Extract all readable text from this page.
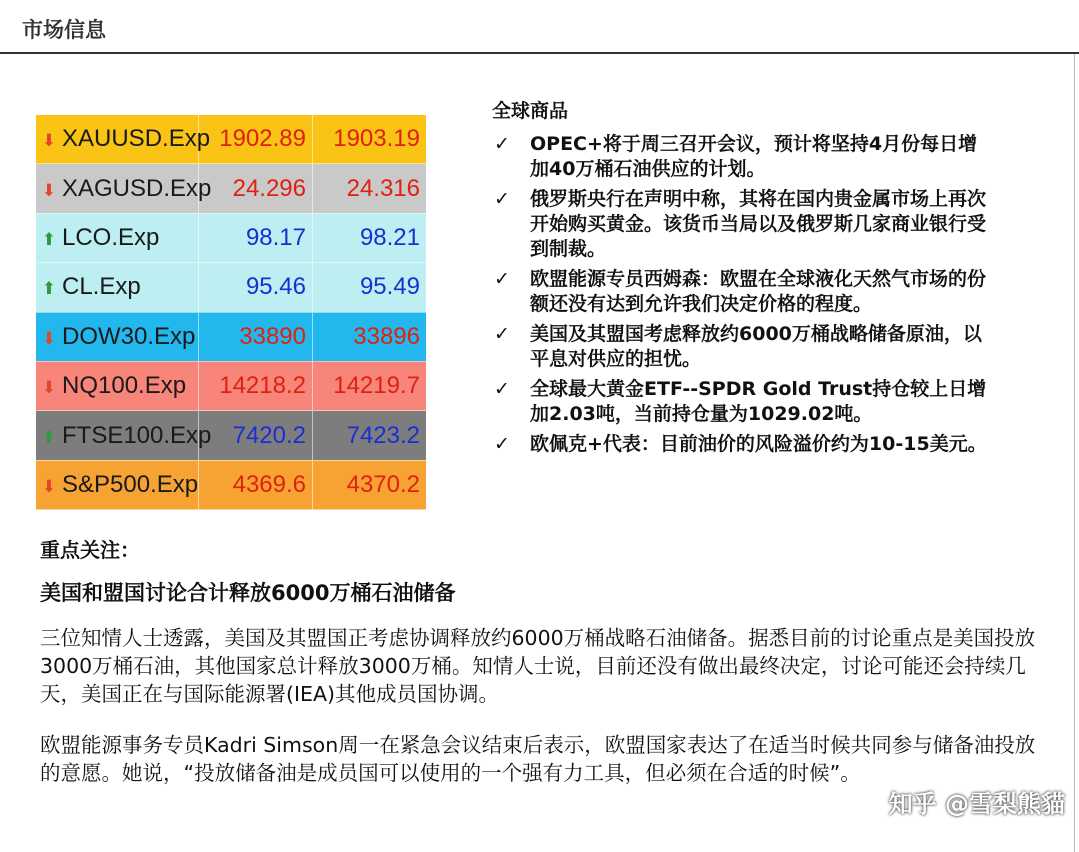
市场信息
⬇ XAUUSD.Exp	1902.89	1903.19
⬇ XAGUSD.Exp	24.296	24.316
⬆ LCO.Exp	98.17	98.21
⬆ CL.Exp	95.46	95.49
⬇ DOW30.Exp	33890	33896
⬇ NQ100.Exp	14218.2	14219.7
⬆ FTSE100.Exp	7420.2	7423.2
⬇ S&P500.Exp	4369.6	4370.2
全球商品
✓ OPEC+将于周三召开会议，预计将坚持4月份每日增加40万桶石油供应的计划。
✓ 俄罗斯央行在声明中称，其将在国内贵金属市场上再次开始购买黄金。该货币当局以及俄罗斯几家商业银行受到制裁。
✓ 欧盟能源专员西姆森：欧盟在全球液化天然气市场的份额还没有达到允许我们决定价格的程度。
✓ 美国及其盟国考虑释放约6000万桶战略储备原油，以平息对供应的担忧。
✓ 全球最大黄金ETF--SPDR Gold Trust持仓较上日增加2.03吨，当前持仓量为1029.02吨。
✓ 欧佩克+代表：目前油价的风险溢价约为10-15美元。
重点关注：
美国和盟国讨论合计释放6000万桶石油储备

三位知情人士透露，美国及其盟国正考虑协调释放约6000万桶战略石油储备。据悉目前的讨论重点是美国投放3000万桶石油，其他国家总计释放3000万桶。知情人士说，目前还没有做出最终决定，讨论可能还会持续几天，美国正在与国际能源署(IEA)其他成员国协调。

欧盟能源事务专员Kadri Simson周一在紧急会议结束后表示，欧盟国家表达了在适当时候共同参与储备油投放的意愿。她说，“投放储备油是成员国可以使用的一个强有力工具，但必须在合适的时候”。

知乎 @雪梨熊貓
